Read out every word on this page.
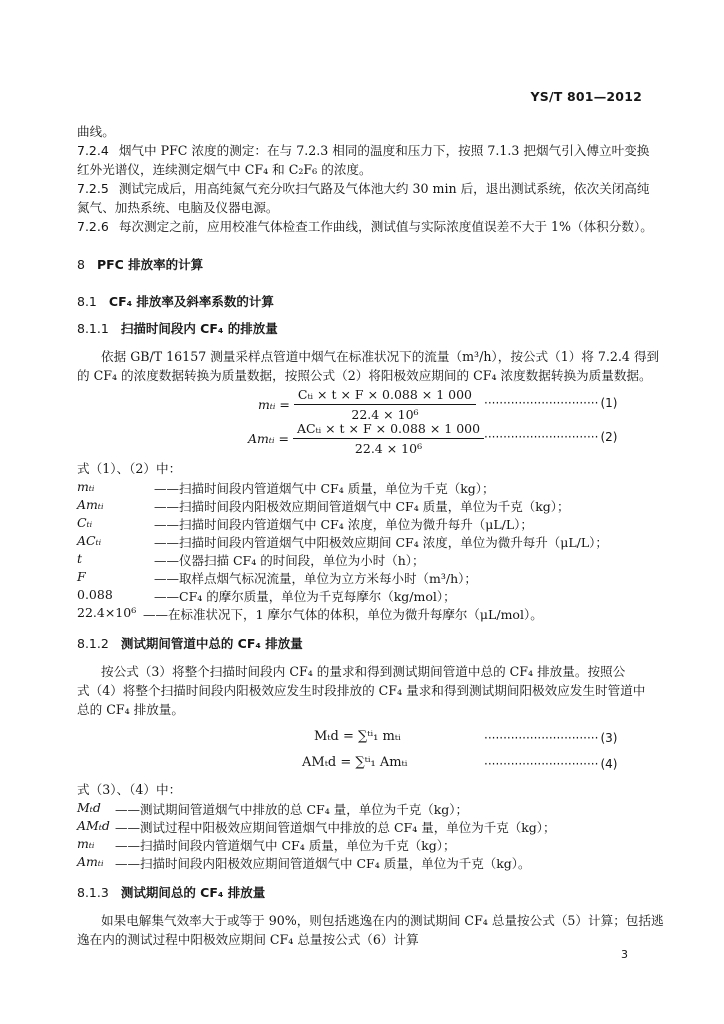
YS/T 801—2012
曲线。
7.2.4 烟气中 PFC 浓度的测定：在与 7.2.3 相同的温度和压力下，按照 7.1.3 把烟气引入傅立叶变换
红外光谱仪，连续测定烟气中 CF₄ 和 C₂F₆ 的浓度。
7.2.5 测试完成后，用高纯氮气充分吹扫气路及气体池大约 30 min 后，退出测试系统，依次关闭高纯
氮气、加热系统、电脑及仪器电源。
7.2.6 每次测定之前，应用校准气体检查工作曲线，测试值与实际浓度值误差不大于 1%（体积分数）。
8 PFC 排放率的计算
8.1 CF₄ 排放率及斜率系数的计算
8.1.1 扫描时间段内 CF₄ 的排放量
依据 GB/T 16157 测量采样点管道中烟气在标准状况下的流量（m³/h），按公式（1）将 7.2.4 得到
的 CF₄ 的浓度数据转换为质量数据，按照公式（2）将阳极效应期间的 CF₄ 浓度数据转换为质量数据。
mₜᵢ = $\frac{\text{Cₜᵢ × t × F × 0.088 × 1 000}}{\text{22.4 × 10⁶}}$ ······························ (1)
Amₜᵢ = $\frac{\text{ACₜᵢ × t × F × 0.088 × 1 000}}{\text{22.4 × 10⁶}}$ ······························ (2)
式（1）、（2）中：
mₜᵢ	——扫描时间段内管道烟气中 CF₄ 质量，单位为千克（kg）；
Amₜᵢ	——扫描时间段内阳极效应期间管道烟气中 CF₄ 质量，单位为千克（kg）；
Cₜᵢ	——扫描时间段内管道烟气中 CF₄ 浓度，单位为微升每升（μL/L）；
ACₜᵢ	——扫描时间段内管道烟气中阳极效应期间 CF₄ 浓度，单位为微升每升（μL/L）；
t	——仪器扫描 CF₄ 的时间段，单位为小时（h）；
F	——取样点烟气标况流量，单位为立方米每小时（m³/h）；
0.088	——CF₄ 的摩尔质量，单位为千克每摩尔（kg/mol）；
22.4×10⁶ ——在标准状况下，1 摩尔气体的体积，单位为微升每摩尔（μL/mol）。
8.1.2 测试期间管道中总的 CF₄ 排放量
按公式（3）将整个扫描时间段内 CF₄ 的量求和得到测试期间管道中总的 CF₄ 排放量。按照公
式（4）将整个扫描时间段内阳极效应发生时段排放的 CF₄ 量求和得到测试期间阳极效应发生时管道中
总的 CF₄ 排放量。
Mₜd = ∑ᵗⁱ₁ mₜᵢ	······························ (3)
AMₜd = ∑ᵗⁱ₁ Amₜᵢ	······························ (4)
式（3）、（4）中：
Mₜd ——测试期间管道烟气中排放的总 CF₄ 量，单位为千克（kg）；
AMₜd ——测试过程中阳极效应期间管道烟气中排放的总 CF₄ 量，单位为千克（kg）；
mₜᵢ ——扫描时间段内管道烟气中 CF₄ 质量，单位为千克（kg）；
Amₜᵢ ——扫描时间段内阳极效应期间管道烟气中 CF₄ 质量，单位为千克（kg）。
8.1.3 测试期间总的 CF₄ 排放量
如果电解集气效率大于或等于 90%，则包括逃逸在内的测试期间 CF₄ 总量按公式（5）计算；包括逃
逸在内的测试过程中阳极效应期间 CF₄ 总量按公式（6）计算
3
